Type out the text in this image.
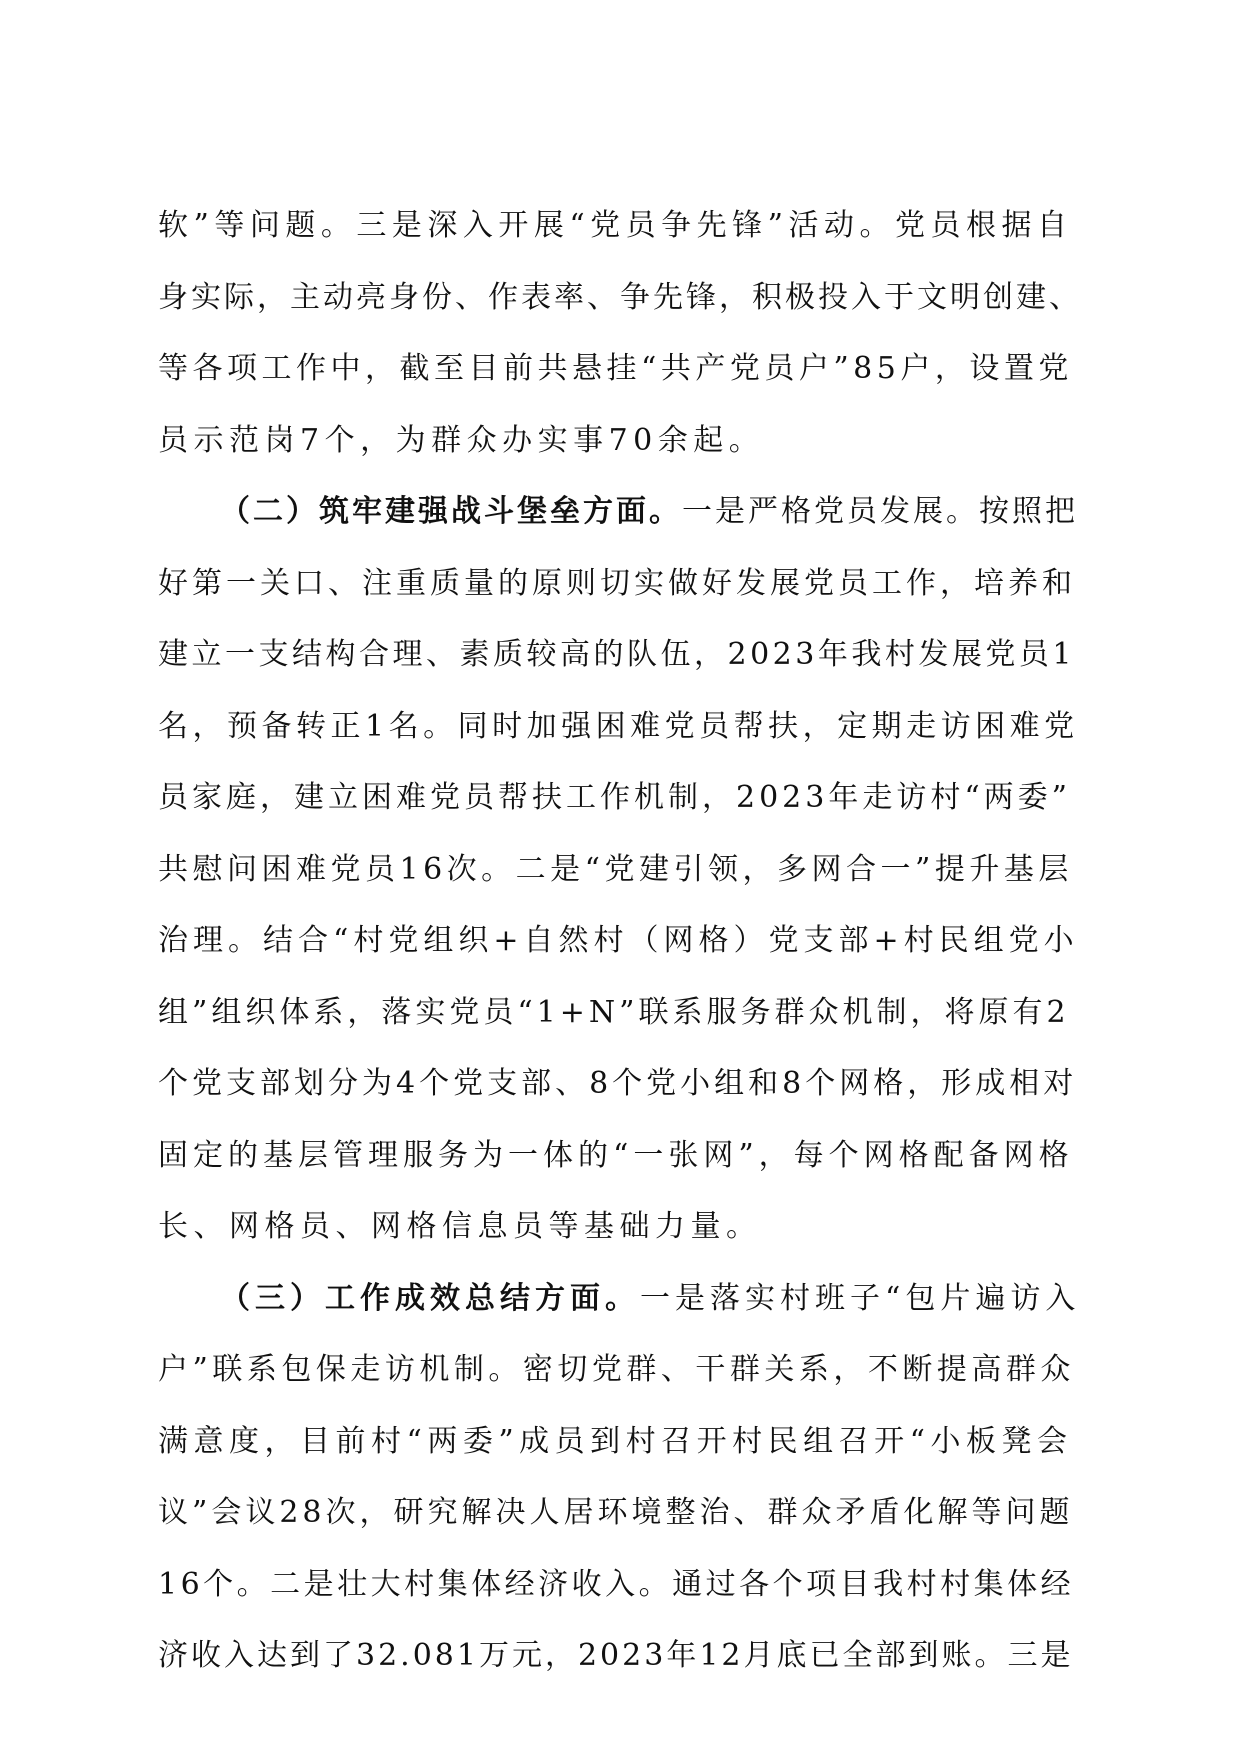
软”等问题。三是深入开展“党员争先锋”活动。党员根据自
身实际，主动亮身份、作表率、争先锋，积极投入于文明创建、
等各项工作中，截至目前共悬挂“共产党员户”85户，设置党
员示范岗7个，为群众办实事70余起。
（二）筑牢建强战斗堡垒方面。一是严格党员发展。按照把
好第一关口、注重质量的原则切实做好发展党员工作，培养和
建立一支结构合理、素质较高的队伍，2023年我村发展党员1
名，预备转正1名。同时加强困难党员帮扶，定期走访困难党
员家庭，建立困难党员帮扶工作机制，2023年走访村“两委”
共慰问困难党员16次。二是“党建引领，多网合一”提升基层
治理。结合“村党组织+自然村（网格）党支部+村民组党小
组”组织体系，落实党员“1+N”联系服务群众机制，将原有2
个党支部划分为4个党支部、8个党小组和8个网格，形成相对
固定的基层管理服务为一体的“一张网”，每个网格配备网格
长、网格员、网格信息员等基础力量。
（三）工作成效总结方面。一是落实村班子“包片遍访入
户”联系包保走访机制。密切党群、干群关系，不断提高群众
满意度，目前村“两委”成员到村召开村民组召开“小板凳会
议”会议28次，研究解决人居环境整治、群众矛盾化解等问题
16个。二是壮大村集体经济收入。通过各个项目我村村集体经
济收入达到了32.081万元，2023年12月底已全部到账。三是
